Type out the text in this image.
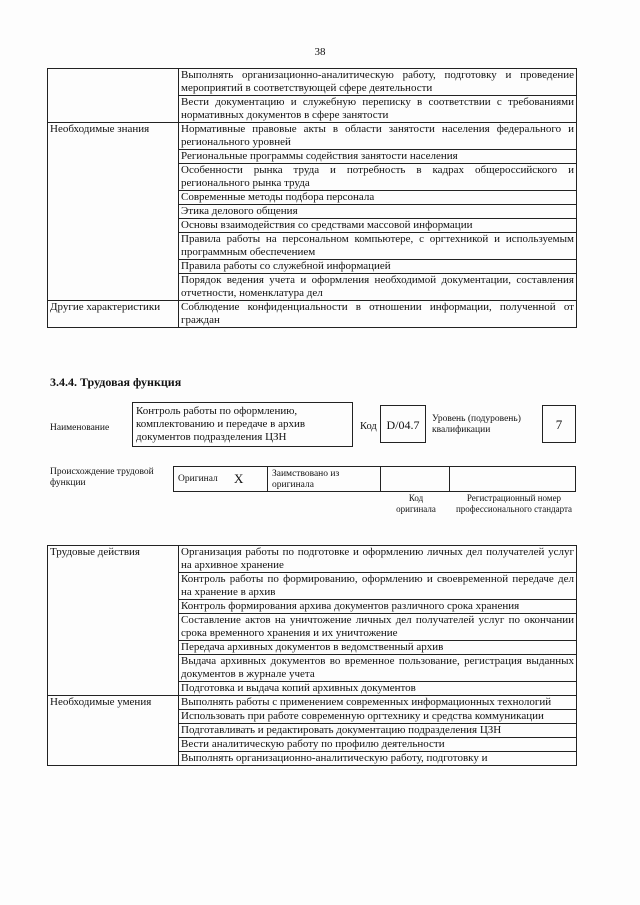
38
	Выполнять организационно-аналитическую работу, подготовку и проведение мероприятий в соответствующей сфере деятельности
	Вести документацию и служебную переписку в соответствии с требованиями нормативных документов в сфере занятости
Необходимые знания	Нормативные правовые акты в области занятости населения федерального и регионального уровней
	Региональные программы содействия занятости населения
	Особенности рынка труда и потребность в кадрах общероссийского и регионального рынка труда
	Современные методы подбора персонала
	Этика делового общения
	Основы взаимодействия со средствами массовой информации
	Правила работы на персональном компьютере, с оргтехникой и используемым программным обеспечением
	Правила работы со служебной информацией
	Порядок ведения учета и оформления необходимой документации, составления отчетности, номенклатура дел
Другие характеристики	Соблюдение конфиденциальности в отношении информации, полученной от граждан
3.4.4. Трудовая функция
Наименование
Контроль работы по оформлению, комплектованию и передаче в архив документов подразделения ЦЗН
Код D/04.7	Уровень (подуровень) квалификации	7
Происхождение трудовой функции	Оригинал X	Заимствовано из оригинала
Код оригинала
Регистрационный номер профессионального стандарта
Трудовые действия	Организация работы по подготовке и оформлению личных дел получателей услуг на архивное хранение
	Контроль работы по формированию, оформлению и своевременной передаче дел на хранение в архив
	Контроль формирования архива документов различного срока хранения
	Составление актов на уничтожение личных дел получателей услуг по окончании срока временного хранения и их уничтожение
	Передача архивных документов в ведомственный архив
	Выдача архивных документов во временное пользование, регистрация выданных документов в журнале учета
	Подготовка и выдача копий архивных документов
Необходимые умения	Выполнять работы с применением современных информационных технологий
	Использовать при работе современную оргтехнику и средства коммуникации
	Подготавливать и редактировать документацию подразделения ЦЗН
	Вести аналитическую работу по профилю деятельности
	Выполнять организационно-аналитическую работу, подготовку и
